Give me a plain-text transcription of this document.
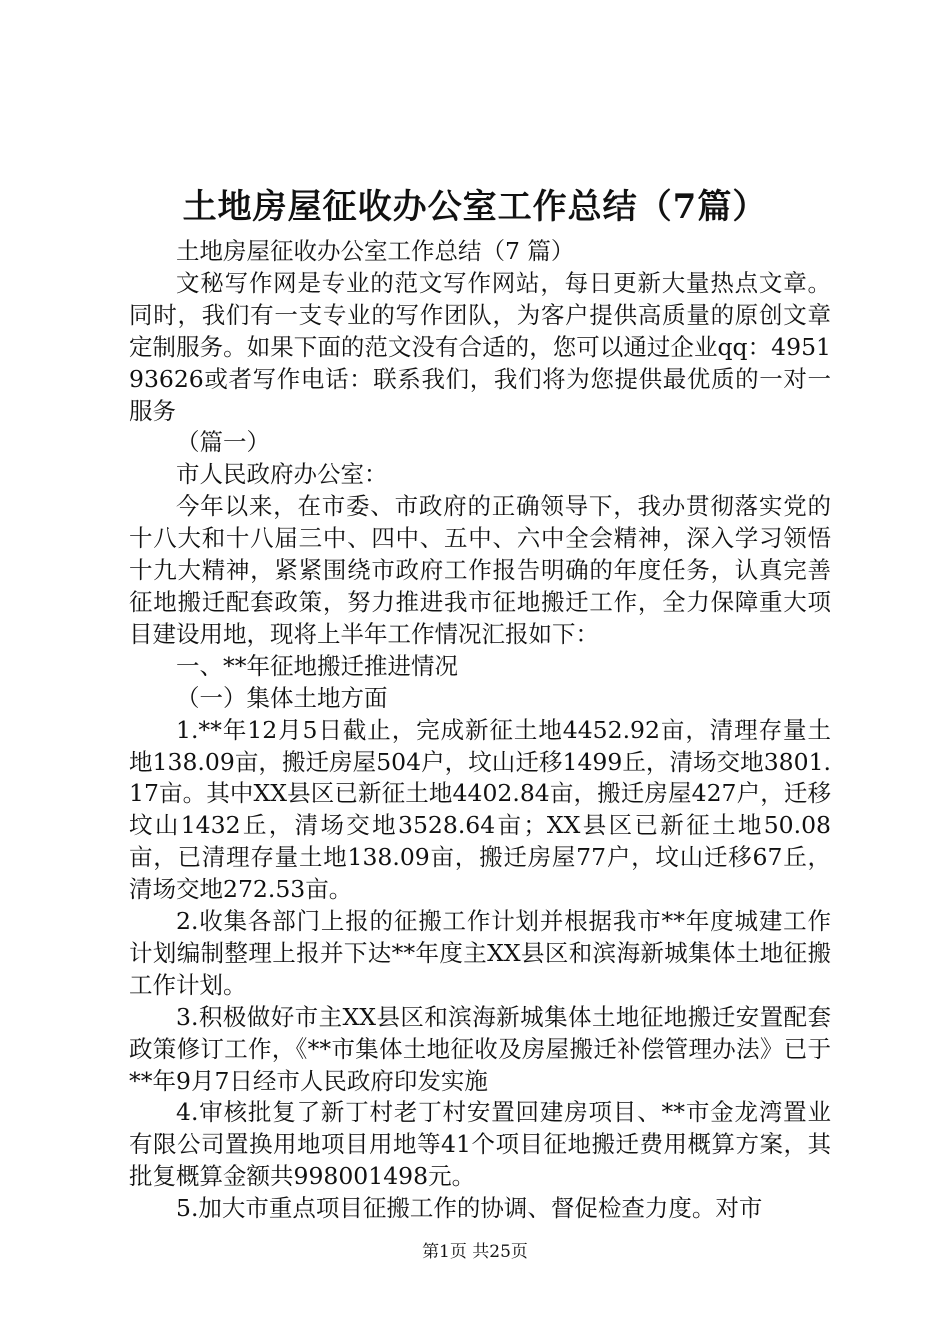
土地房屋征收办公室工作总结（7篇）

土地房屋征收办公室工作总结（7 篇）

文秘写作网是专业的范文写作网站，每日更新大量热点文章。同时，我们有一支专业的写作团队，为客户提供高质量的原创文章定制服务。如果下面的范文没有合适的，您可以通过企业qq：495193626或者写作电话：联系我们，我们将为您提供最优质的一对一服务

（篇一）

市人民政府办公室：

今年以来，在市委、市政府的正确领导下，我办贯彻落实党的十八大和十八届三中、四中、五中、六中全会精神，深入学习领悟十九大精神，紧紧围绕市政府工作报告明确的年度任务，认真完善征地搬迁配套政策，努力推进我市征地搬迁工作，全力保障重大项目建设用地，现将上半年工作情况汇报如下：

一、**年征地搬迁推进情况

（一）集体土地方面

1.**年12月5日截止，完成新征土地4452.92亩，清理存量土地138.09亩，搬迁房屋504户，坟山迁移1499丘，清场交地3801.17亩。其中XX县区已新征土地4402.84亩，搬迁房屋427户，迁移坟山1432丘，清场交地3528.64亩；XX县区已新征土地50.08亩，已清理存量土地138.09亩，搬迁房屋77户，坟山迁移67丘，清场交地272.53亩。

2.收集各部门上报的征搬工作计划并根据我市**年度城建工作计划编制整理上报并下达**年度主XX县区和滨海新城集体土地征搬工作计划。

3.积极做好市主XX县区和滨海新城集体土地征地搬迁安置配套政策修订工作，《**市集体土地征收及房屋搬迁补偿管理办法》已于**年9月7日经市人民政府印发实施

4.审核批复了新丁村老丁村安置回建房项目、**市金龙湾置业有限公司置换用地项目用地等41个项目征地搬迁费用概算方案，其批复概算金额共998001498元。

5.加大市重点项目征搬工作的协调、督促检查力度。对市

第1页 共25页
